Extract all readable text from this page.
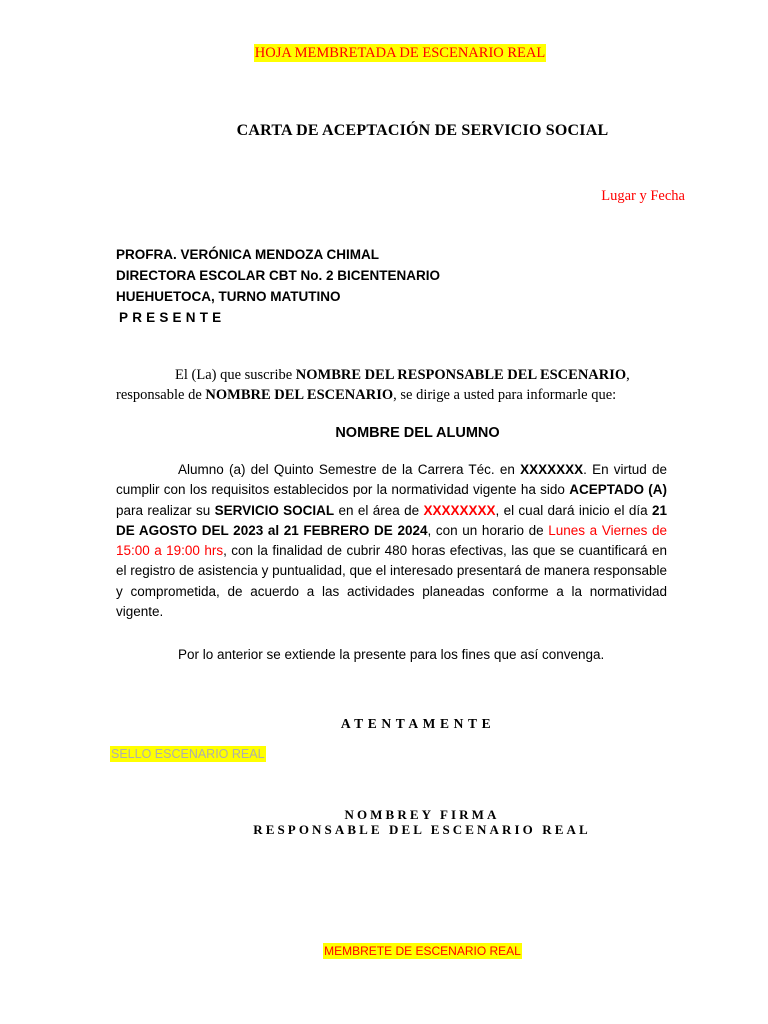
HOJA MEMBRETADA DE ESCENARIO REAL
CARTA DE ACEPTACIÓN DE SERVICIO SOCIAL
Lugar y Fecha
PROFRA. VERÓNICA MENDOZA CHIMAL
DIRECTORA ESCOLAR CBT No. 2 BICENTENARIO
HUEHUETOCA, TURNO MATUTINO
PRESENTE
El (La) que suscribe NOMBRE DEL RESPONSABLE DEL ESCENARIO, responsable de NOMBRE DEL ESCENARIO, se dirige a usted para informarle que:
NOMBRE DEL ALUMNO
Alumno (a) del Quinto Semestre de la Carrera Téc. en XXXXXXX. En virtud de cumplir con los requisitos establecidos por la normatividad vigente ha sido ACEPTADO (A) para realizar su SERVICIO SOCIAL en el área de XXXXXXXX, el cual dará inicio el día 21 DE AGOSTO DEL 2023 al 21 FEBRERO DE 2024, con un horario de Lunes a Viernes de 15:00 a 19:00 hrs, con la finalidad de cubrir 480 horas efectivas, las que se cuantificará en el registro de asistencia y puntualidad, que el interesado presentará de manera responsable y comprometida, de acuerdo a las actividades planeadas conforme a la normatividad vigente.
Por lo anterior se extiende la presente para los fines que así convenga.
ATENTAMENTE
SELLO ESCENARIO REAL
NOMBREY FIRMA
RESPONSABLE DEL ESCENARIO REAL
MEMBRETE DE ESCENARIO REAL
